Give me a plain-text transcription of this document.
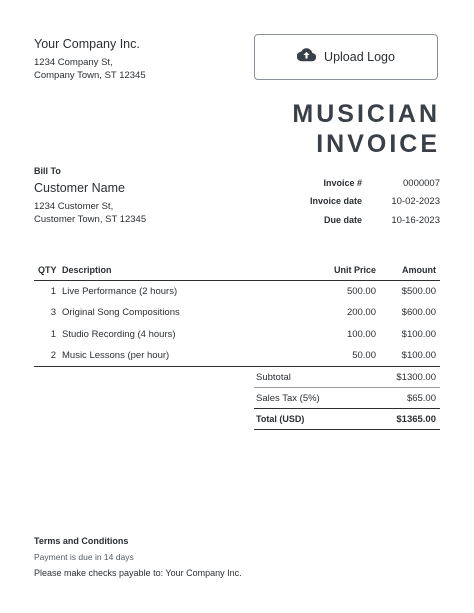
Your Company Inc.
1234 Company St,
Company Town, ST 12345
Upload Logo
MUSICIAN
INVOICE
Bill To
Customer Name
1234 Customer St,
Customer Town, ST 12345
Invoice #	0000007
Invoice date	10-02-2023
Due date	10-16-2023
QTY Description	Unit Price	Amount
1 Live Performance (2 hours)	500.00	$500.00
3 Original Song Compositions	200.00	$600.00
1 Studio Recording (4 hours)	100.00	$100.00
2 Music Lessons (per hour)	50.00	$100.00
Subtotal	$1300.00
Sales Tax (5%)	$65.00
Total (USD)	$1365.00
Terms and Conditions
Payment is due in 14 days
Please make checks payable to: Your Company Inc.
